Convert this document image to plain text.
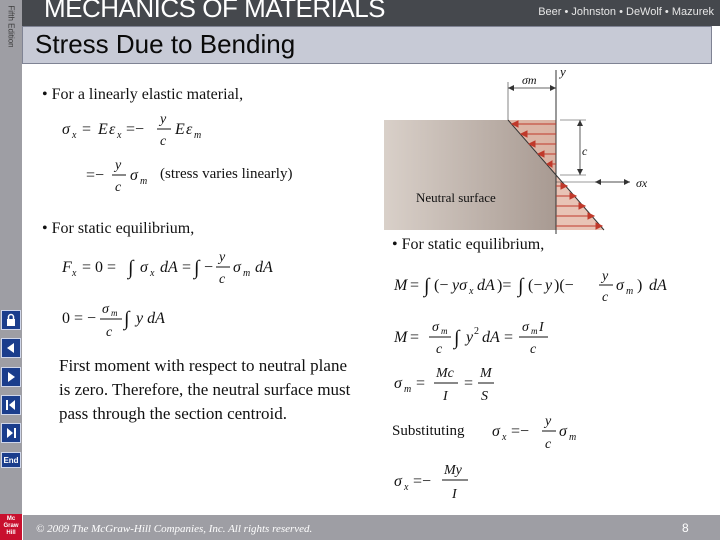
Fifth Edition
End
Mc
Graw
Hill
MECHANICS OF MATERIALS	Beer • Johnston • DeWolf • Mazurek
Stress Due to Bending
• For a linearly elastic material,
σ x = E ε x =−
y
c
E ε m
=−
y
c
σ m (stress varies linearly)
• For static equilibrium,
F x = 0 = ∫ σ x dA = ∫ −
y
c
σ m dA
0 = −
σ m
c
∫ y dA
First moment with respect to neutral plane is zero. Therefore, the neutral surface must pass through the section centroid.
y
σm
c
σx
Neutral surface
• For static equilibrium,
M = ∫ (− yσ x dA )= ∫ (− y )(−
y
c
σ m ) dA
M =
σ m
c
∫ y 2 dA =
σ m I
c
σ m =
Mc
I
=
M
S
σ x =−
y
c
σ m
σ x =−
My
I
Substituting
© 2009 The McGraw-Hill Companies, Inc. All rights reserved.	8
